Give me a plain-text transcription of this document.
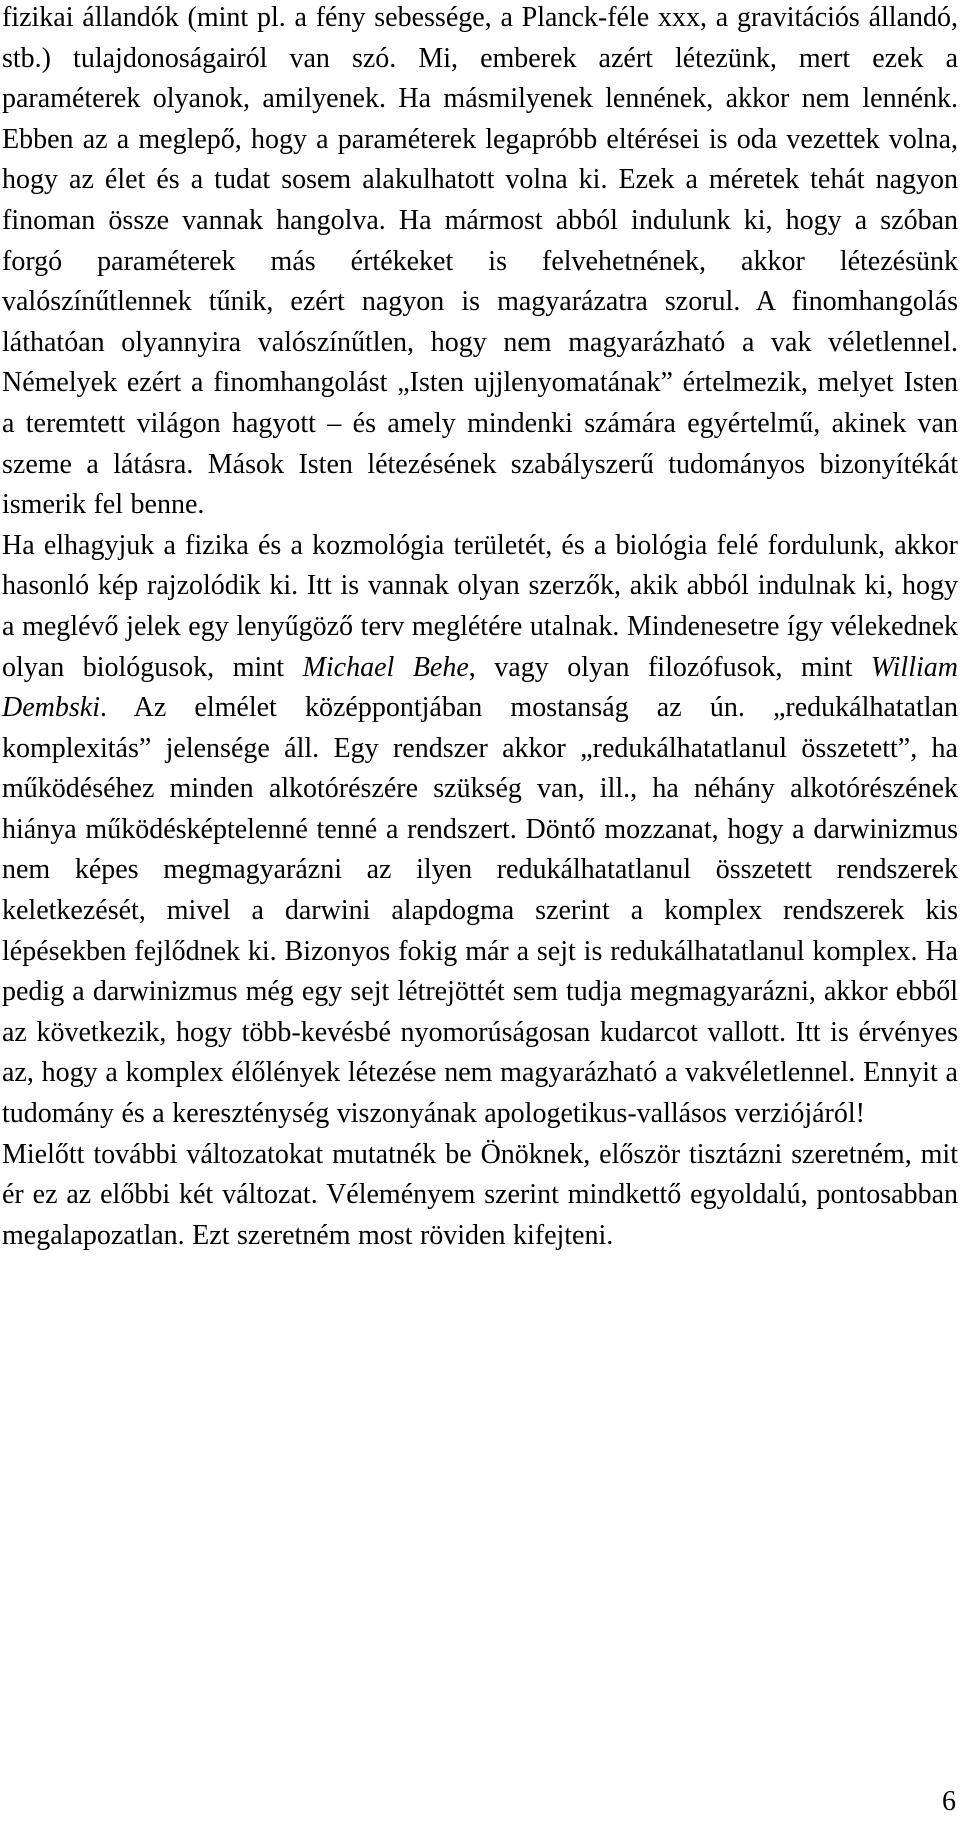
fizikai állandók (mint pl. a fény sebessége, a Planck-féle xxx, a gravitációs állandó, stb.) tulajdonoságairól van szó. Mi, emberek azért létezünk, mert ezek a paraméterek olyanok, amilyenek. Ha másmilyenek lennének, akkor nem lennénk. Ebben az a meglepő, hogy a paraméterek legapróbb eltérései is oda vezettek volna, hogy az élet és a tudat sosem alakulhatott volna ki. Ezek a méretek tehát nagyon finoman össze vannak hangolva. Ha mármost abból indulunk ki, hogy a szóban forgó paraméterek más értékeket is felvehetnének, akkor létezésünk valószínűtlennek tűnik, ezért nagyon is magyarázatra szorul. A finomhangolás láthatóan olyannyira valószínűtlen, hogy nem magyarázható a vak véletlennel. Némelyek ezért a finomhangolást „Isten ujjlenyomatának” értelmezik, melyet Isten a teremtett világon hagyott – és amely mindenki számára egyértelmű, akinek van szeme a látásra. Mások Isten létezésének szabályszerű tudományos bizonyítékát ismerik fel benne.

Ha elhagyjuk a fizika és a kozmológia területét, és a biológia felé fordulunk, akkor hasonló kép rajzolódik ki. Itt is vannak olyan szerzők, akik abból indulnak ki, hogy a meglévő jelek egy lenyűgöző terv meglétére utalnak. Mindenesetre így vélekednek olyan biológusok, mint Michael Behe, vagy olyan filozófusok, mint William Dembski. Az elmélet középpontjában mostanság az ún. „redukálhatatlan komplexitás” jelensége áll. Egy rendszer akkor „redukálhatatlanul összetett”, ha működéséhez minden alkotórészére szükség van, ill., ha néhány alkotórészének hiánya működésképtelenné tenné a rendszert. Döntő mozzanat, hogy a darwinizmus nem képes megmagyarázni az ilyen redukálhatatlanul összetett rendszerek keletkezését, mivel a darwini alapdogma szerint a komplex rendszerek kis lépésekben fejlődnek ki. Bizonyos fokig már a sejt is redukálhatatlanul komplex. Ha pedig a darwinizmus még egy sejt létrejöttét sem tudja megmagyarázni, akkor ebből az következik, hogy több-kevésbé nyomorúságosan kudarcot vallott. Itt is érvényes az, hogy a komplex élőlények létezése nem magyarázható a vakvéletlennel. Ennyit a tudomány és a kereszténység viszonyának apologetikus-vallásos verziójáról!

Mielőtt további változatokat mutatnék be Önöknek, először tisztázni szeretném, mit ér ez az előbbi két változat. Véleményem szerint mindkettő egyoldalú, pontosabban megalapozatlan. Ezt szeretném most röviden kifejteni.

6
